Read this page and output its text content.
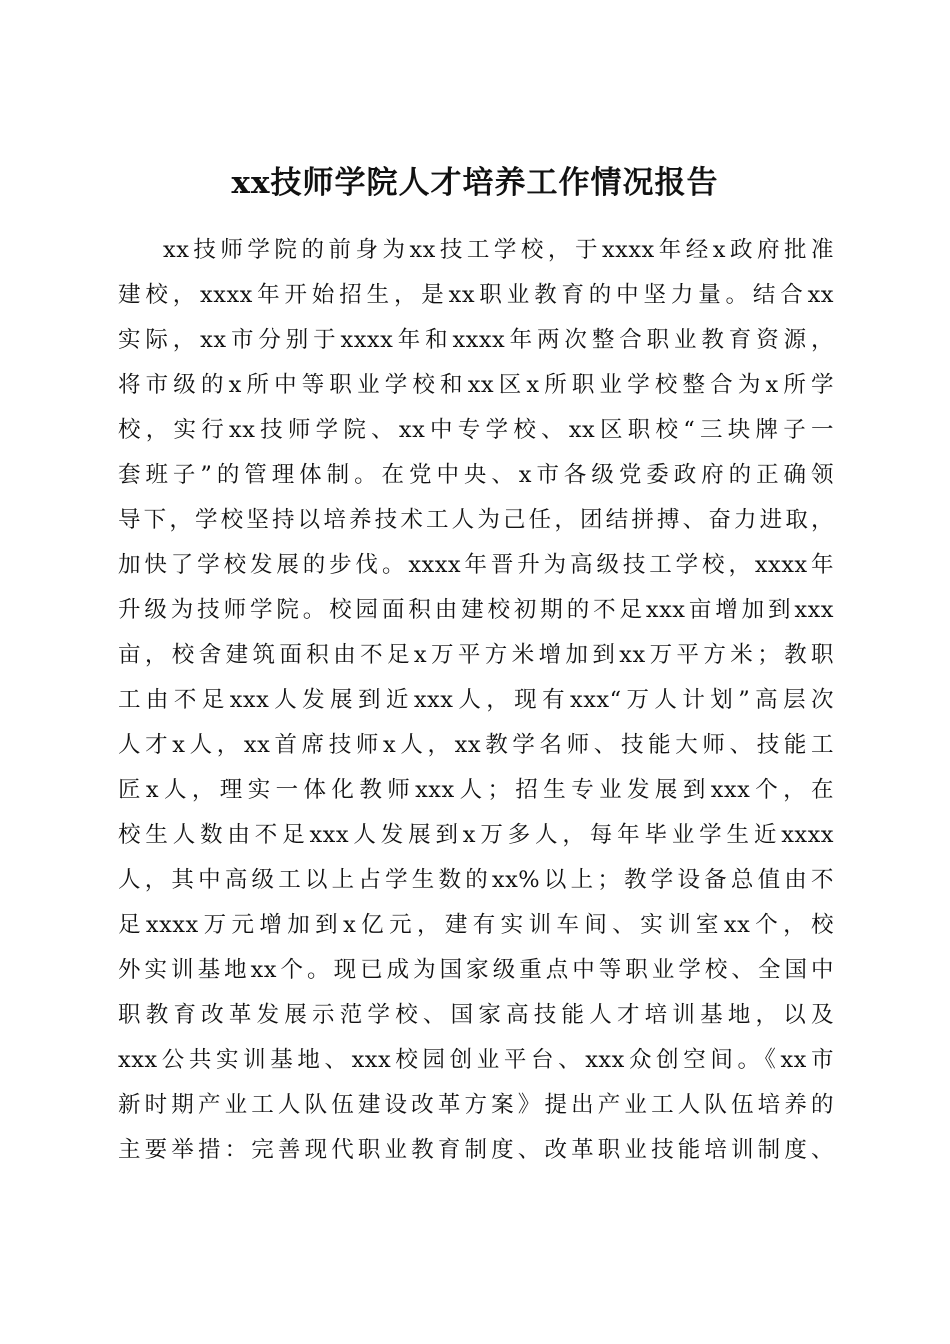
xx技师学院人才培养工作情况报告
xx技师学院的前身为xx技工学校，于xxxx年经x政府批准
建校，xxxx年开始招生，是xx职业教育的中坚力量。结合xx
实际，xx市分别于xxxx年和xxxx年两次整合职业教育资源，
将市级的x所中等职业学校和xx区x所职业学校整合为x所学
校，实行xx技师学院、xx中专学校、xx区职校“三块牌子一
套班子”的管理体制。在党中央、x市各级党委政府的正确领
导下，学校坚持以培养技术工人为己任，团结拼搏、奋力进取，
加快了学校发展的步伐。xxxx年晋升为高级技工学校，xxxx年
升级为技师学院。校园面积由建校初期的不足xxx亩增加到xxx
亩，校舍建筑面积由不足x万平方米增加到xx万平方米；教职
工由不足xxx人发展到近xxx人，现有xxx“万人计划”高层次
人才x人，xx首席技师x人，xx教学名师、技能大师、技能工
匠x人，理实一体化教师xxx人；招生专业发展到xxx个，在
校生人数由不足xxx人发展到x万多人，每年毕业学生近xxxx
人，其中高级工以上占学生数的xx%以上；教学设备总值由不
足xxxx万元增加到x亿元，建有实训车间、实训室xx个，校
外实训基地xx个。现已成为国家级重点中等职业学校、全国中
职教育改革发展示范学校、国家高技能人才培训基地，以及
xxx公共实训基地、xxx校园创业平台、xxx众创空间。《xx市
新时期产业工人队伍建设改革方案》提出产业工人队伍培养的
主要举措：完善现代职业教育制度、改革职业技能培训制度、
